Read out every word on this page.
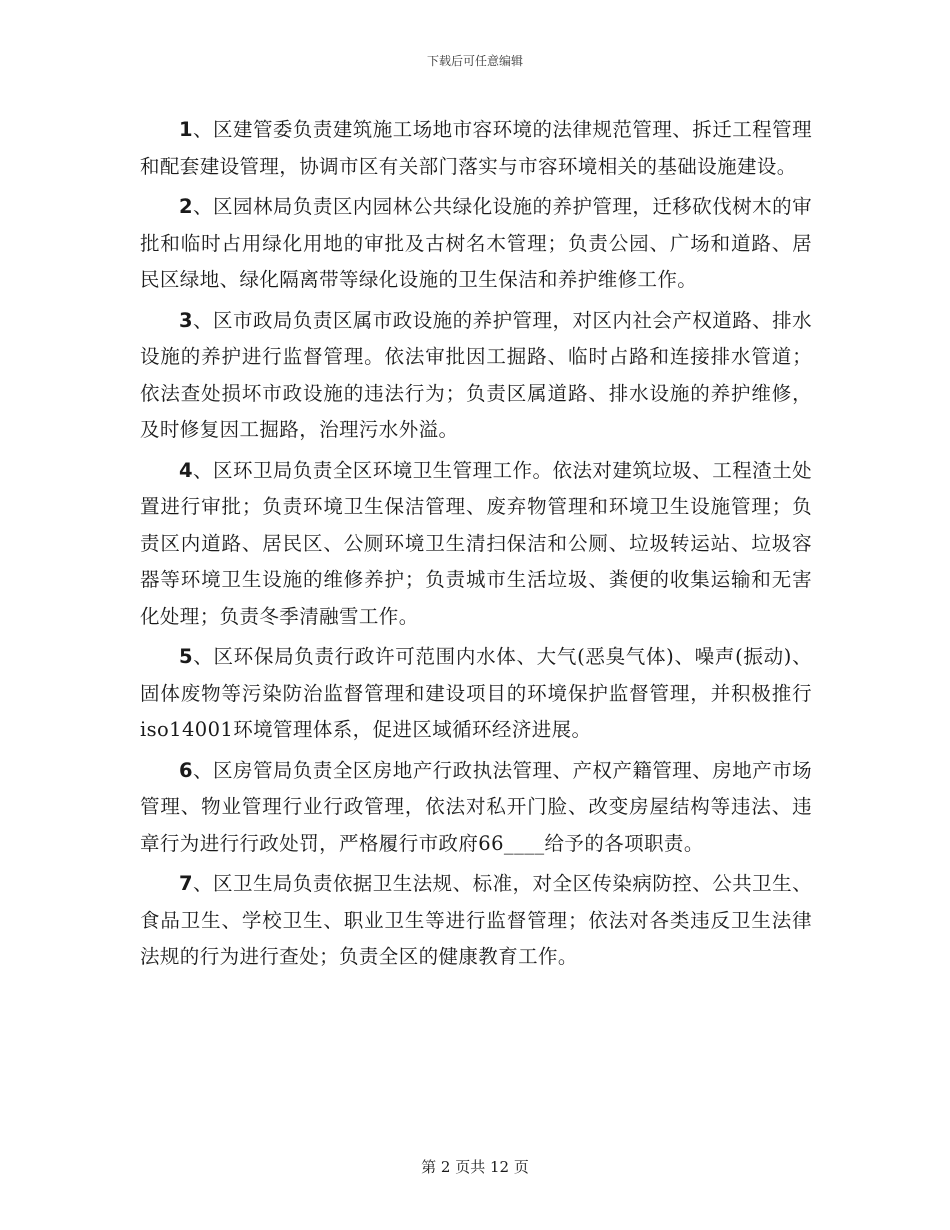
下载后可任意编辑

1、区建管委负责建筑施工场地市容环境的法律规范管理、拆迁工程管理和配套建设管理，协调市区有关部门落实与市容环境相关的基础设施建设。

2、区园林局负责区内园林公共绿化设施的养护管理，迁移砍伐树木的审批和临时占用绿化用地的审批及古树名木管理；负责公园、广场和道路、居民区绿地、绿化隔离带等绿化设施的卫生保洁和养护维修工作。

3、区市政局负责区属市政设施的养护管理，对区内社会产权道路、排水设施的养护进行监督管理。依法审批因工掘路、临时占路和连接排水管道；依法查处损坏市政设施的违法行为；负责区属道路、排水设施的养护维修，及时修复因工掘路，治理污水外溢。

4、区环卫局负责全区环境卫生管理工作。依法对建筑垃圾、工程渣土处置进行审批；负责环境卫生保洁管理、废弃物管理和环境卫生设施管理；负责区内道路、居民区、公厕环境卫生清扫保洁和公厕、垃圾转运站、垃圾容器等环境卫生设施的维修养护；负责城市生活垃圾、粪便的收集运输和无害化处理；负责冬季清融雪工作。

5、区环保局负责行政许可范围内水体、大气(恶臭气体)、噪声(振动)、固体废物等污染防治监督管理和建设项目的环境保护监督管理，并积极推行iso14001环境管理体系，促进区域循环经济进展。

6、区房管局负责全区房地产行政执法管理、产权产籍管理、房地产市场管理、物业管理行业行政管理，依法对私开门脸、改变房屋结构等违法、违章行为进行行政处罚，严格履行市政府66____给予的各项职责。

7、区卫生局负责依据卫生法规、标准，对全区传染病防控、公共卫生、食品卫生、学校卫生、职业卫生等进行监督管理；依法对各类违反卫生法律法规的行为进行查处；负责全区的健康教育工作。

第 2 页共 12 页
